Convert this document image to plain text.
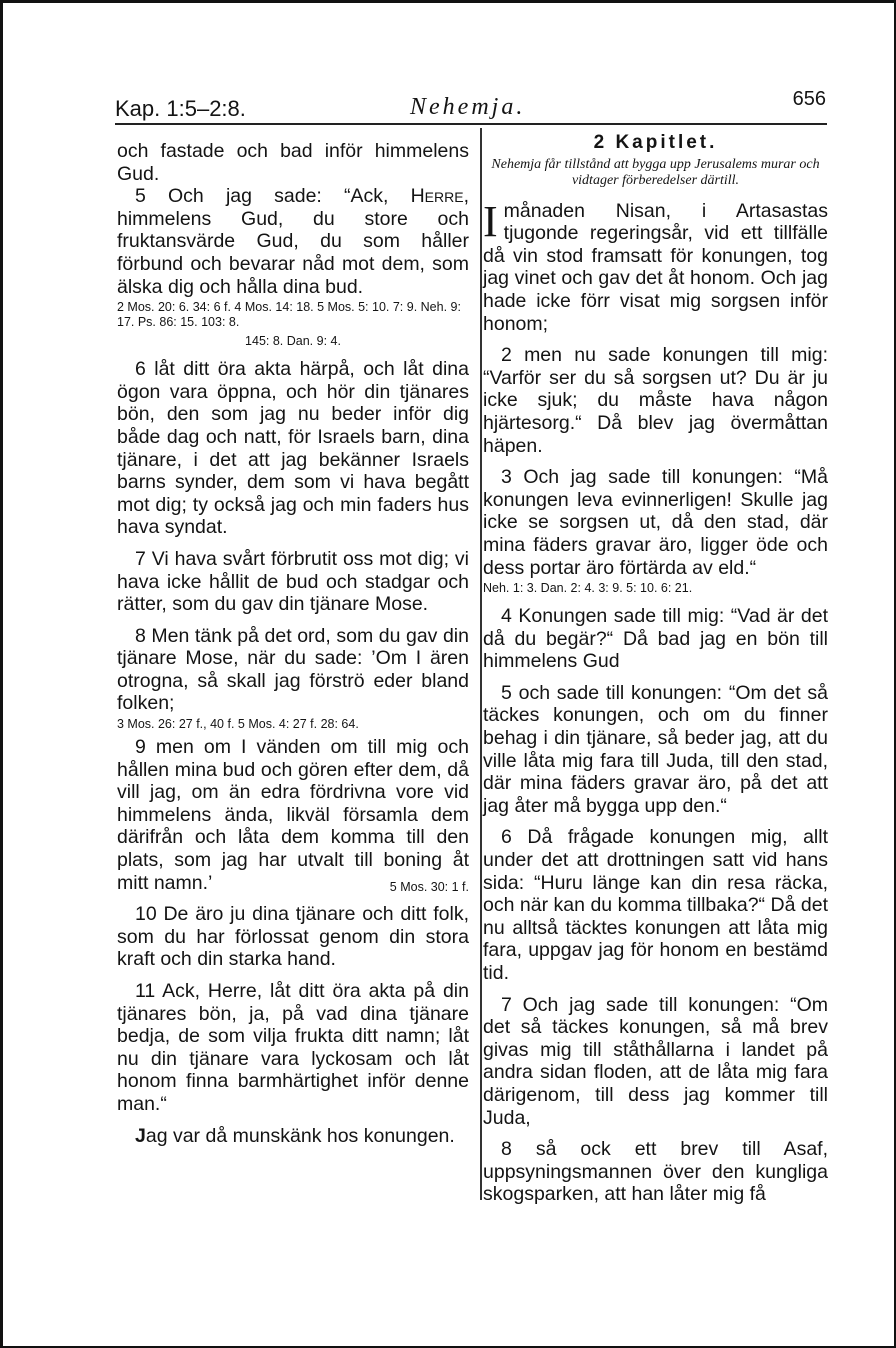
Kap. 1:5–2:8.	Nehemja.	656

och fastade och bad inför himmelens Gud.

5 Och jag sade: “Ack, Herre, himmelens Gud, du store och fruktansvärde Gud, du som håller förbund och bevarar nåd mot dem, som älska dig och hålla dina bud.

2 Mos. 20: 6. 34: 6 f. 4 Mos. 14: 18. 5 Mos. 5: 10. 7: 9. Neh. 9: 17. Ps. 86: 15. 103: 8.

145: 8. Dan. 9: 4.

6 låt ditt öra akta härpå, och låt dina ögon vara öppna, och hör din tjänares bön, den som jag nu beder inför dig både dag och natt, för Israels barn, dina tjänare, i det att jag bekänner Israels barns synder, dem som vi hava begått mot dig; ty också jag och min faders hus hava syndat.

7 Vi hava svårt förbrutit oss mot dig; vi hava icke hållit de bud och stadgar och rätter, som du gav din tjänare Mose.

8 Men tänk på det ord, som du gav din tjänare Mose, när du sade: ’Om I ären otrogna, så skall jag förströ eder bland folken;

3 Mos. 26: 27 f., 40 f. 5 Mos. 4: 27 f. 28: 64.

9 men om I vänden om till mig och hållen mina bud och gören efter dem, då vill jag, om än edra fördrivna vore vid himmelens ända, likväl församla dem därifrån och låta dem komma till den plats, som jag har utvalt till boning åt mitt namn.’	5 Mos. 30: 1 f.

10 De äro ju dina tjänare och ditt folk, som du har förlossat genom din stora kraft och din starka hand.

11 Ack, Herre, låt ditt öra akta på din tjänares bön, ja, på vad dina tjänare bedja, de som vilja frukta ditt namn; låt nu din tjänare vara lyckosam och låt honom finna barmhärtighet inför denne man.“

Jag var då munskänk hos konungen.

2 Kapitlet.

Nehemja får tillstånd att bygga upp Jerusalems murar och vidtager förberedelser därtill.

Imånaden Nisan, i Artasastas tjugonde regeringsår, vid ett tillfälle då vin stod framsatt för konungen, tog jag vinet och gav det åt honom. Och jag hade icke förr visat mig sorgsen inför honom;

2 men nu sade konungen till mig: “Varför ser du så sorgsen ut? Du är ju icke sjuk; du måste hava någon hjärtesorg.“ Då blev jag övermåttan häpen.

3 Och jag sade till konungen: “Må konungen leva evinnerligen! Skulle jag icke se sorgsen ut, då den stad, där mina fäders gravar äro, ligger öde och dess portar äro förtärda av eld.“

Neh. 1: 3. Dan. 2: 4. 3: 9. 5: 10. 6: 21.

4 Konungen sade till mig: “Vad är det då du begär?“ Då bad jag en bön till himmelens Gud

5 och sade till konungen: “Om det så täckes konungen, och om du finner behag i din tjänare, så beder jag, att du ville låta mig fara till Juda, till den stad, där mina fäders gravar äro, på det att jag åter må bygga upp den.“

6 Då frågade konungen mig, allt under det att drottningen satt vid hans sida: “Huru länge kan din resa räcka, och när kan du komma tillbaka?“ Då det nu alltså täcktes konungen att låta mig fara, uppgav jag för honom en bestämd tid.

7 Och jag sade till konungen: “Om det så täckes konungen, så må brev givas mig till ståthållarna i landet på andra sidan floden, att de låta mig fara därigenom, till dess jag kommer till Juda,

8 så ock ett brev till Asaf, uppsyningsmannen över den kungliga skogsparken, att han låter mig få
